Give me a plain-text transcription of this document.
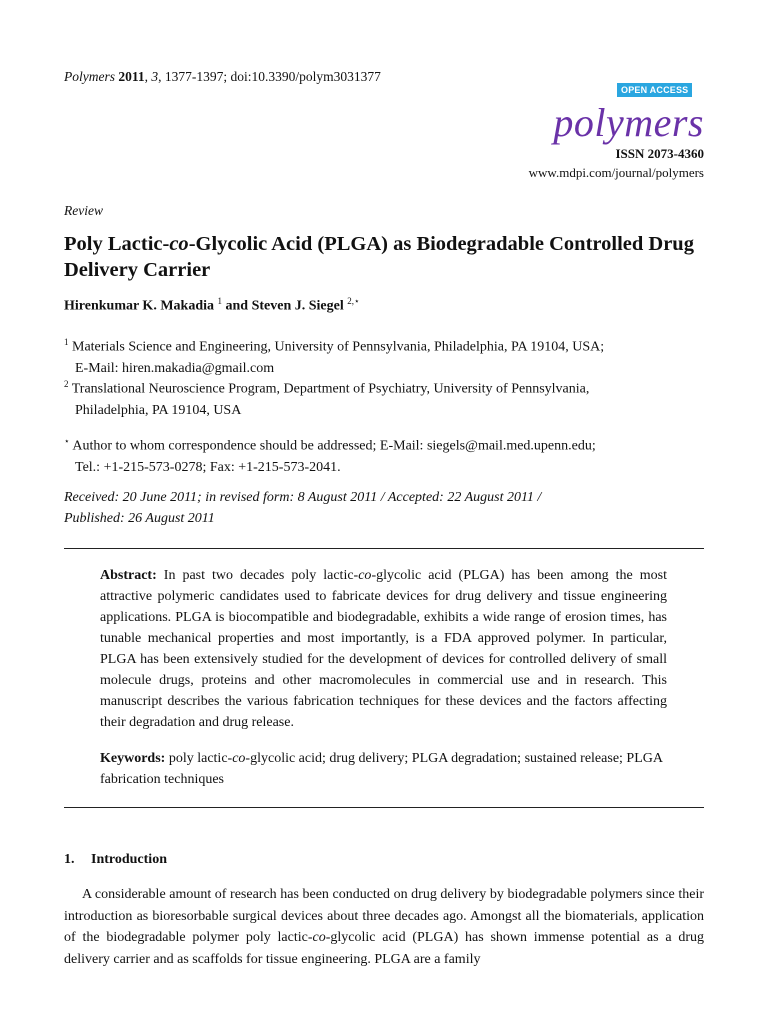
Polymers 2011, 3, 1377-1397; doi:10.3390/polym3031377
OPEN ACCESS
polymers
ISSN 2073-4360
www.mdpi.com/journal/polymers
Review
Poly Lactic-co-Glycolic Acid (PLGA) as Biodegradable Controlled Drug Delivery Carrier
Hirenkumar K. Makadia $^1$ and Steven J. Siegel $^{2,⋆}$
$^1$ Materials Science and Engineering, University of Pennsylvania, Philadelphia, PA 19104, USA;
E-Mail: hiren.makadia@gmail.com
$^2$ Translational Neuroscience Program, Department of Psychiatry, University of Pennsylvania,
Philadelphia, PA 19104, USA
⋆ Author to whom correspondence should be addressed; E-Mail: siegels@mail.med.upenn.edu;
Tel.: +1-215-573-0278; Fax: +1-215-573-2041.
Received: 20 June 2011; in revised form: 8 August 2011 / Accepted: 22 August 2011 /
Published: 26 August 2011
Abstract: In past two decades poly lactic-co-glycolic acid (PLGA) has been among the most attractive polymeric candidates used to fabricate devices for drug delivery and tissue engineering applications. PLGA is biocompatible and biodegradable, exhibits a wide range of erosion times, has tunable mechanical properties and most importantly, is a FDA approved polymer. In particular, PLGA has been extensively studied for the development of devices for controlled delivery of small molecule drugs, proteins and other macromolecules in commercial use and in research. This manuscript describes the various fabrication techniques for these devices and the factors affecting their degradation and drug release.
Keywords: poly lactic-co-glycolic acid; drug delivery; PLGA degradation; sustained release; PLGA fabrication techniques
1. Introduction
A considerable amount of research has been conducted on drug delivery by biodegradable polymers since their introduction as bioresorbable surgical devices about three decades ago. Amongst all the biomaterials, application of the biodegradable polymer poly lactic-co-glycolic acid (PLGA) has shown immense potential as a drug delivery carrier and as scaffolds for tissue engineering. PLGA are a family
